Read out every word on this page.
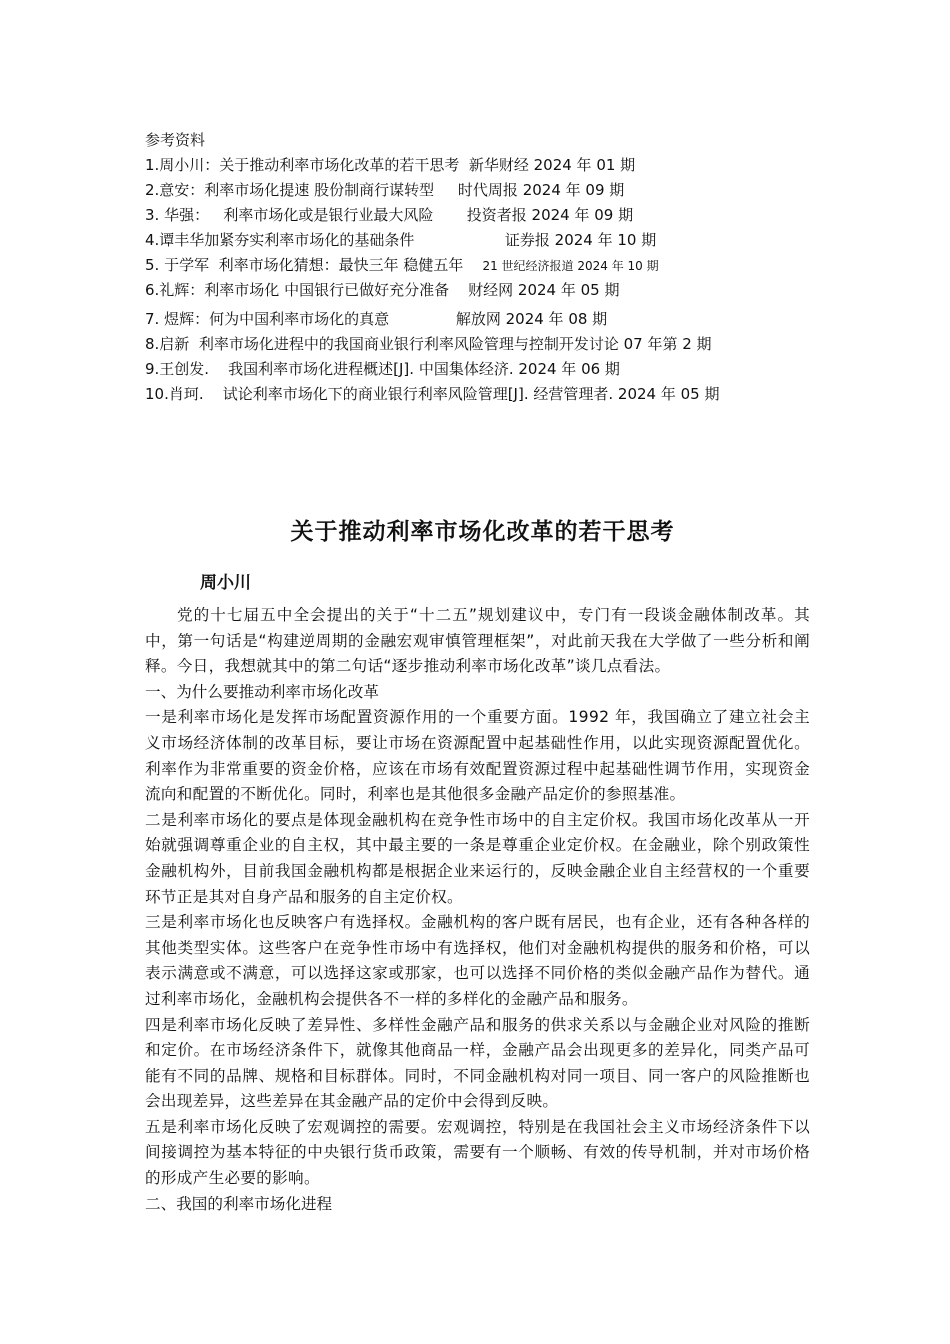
参考资料
1.周小川：关于推动利率市场化改革的若干思考  新华财经 2024 年 01 期
2.意安：利率市场化提速 股份制商行谋转型     时代周报 2024 年 09 期
3. 华强：   利率市场化或是银行业最大风险       投资者报 2024 年 09 期
4.谭丰华加紧夯实利率市场化的基础条件                   证券报 2024 年 10 期
5. 于学军  利率市场化猜想：最快三年 稳健五年    21 世纪经济报道 2024 年 10 期
6.礼辉：利率市场化 中国银行已做好充分准备    财经网 2024 年 05 期
7. 煜辉：何为中国利率市场化的真意              解放网 2024 年 08 期
8.启新  利率市场化进程中的我国商业银行利率风险管理与控制开发讨论 07 年第 2 期
9.王创发.    我国利率市场化进程概述[J]. 中国集体经济. 2024 年 06 期
10.肖珂.    试论利率市场化下的商业银行利率风险管理[J]. 经营管理者. 2024 年 05 期
关于推动利率市场化改革的若干思考
周小川

党的十七届五中全会提出的关于“十二五”规划建议中，专门有一段谈金融体制改革。其中，第一句话是“构建逆周期的金融宏观审慎管理框架”，对此前天我在大学做了一些分析和阐释。今日，我想就其中的第二句话“逐步推动利率市场化改革”谈几点看法。

一、为什么要推动利率市场化改革

一是利率市场化是发挥市场配置资源作用的一个重要方面。1992 年，我国确立了建立社会主义市场经济体制的改革目标，要让市场在资源配置中起基础性作用，以此实现资源配置优化。利率作为非常重要的资金价格，应该在市场有效配置资源过程中起基础性调节作用，实现资金流向和配置的不断优化。同时，利率也是其他很多金融产品定价的参照基准。

二是利率市场化的要点是体现金融机构在竞争性市场中的自主定价权。我国市场化改革从一开始就强调尊重企业的自主权，其中最主要的一条是尊重企业定价权。在金融业，除个别政策性金融机构外，目前我国金融机构都是根据企业来运行的，反映金融企业自主经营权的一个重要环节正是其对自身产品和服务的自主定价权。

三是利率市场化也反映客户有选择权。金融机构的客户既有居民，也有企业，还有各种各样的其他类型实体。这些客户在竞争性市场中有选择权，他们对金融机构提供的服务和价格，可以表示满意或不满意，可以选择这家或那家，也可以选择不同价格的类似金融产品作为替代。通过利率市场化，金融机构会提供各不一样的多样化的金融产品和服务。

四是利率市场化反映了差异性、多样性金融产品和服务的供求关系以与金融企业对风险的推断和定价。在市场经济条件下，就像其他商品一样，金融产品会出现更多的差异化，同类产品可能有不同的品牌、规格和目标群体。同时，不同金融机构对同一项目、同一客户的风险推断也会出现差异，这些差异在其金融产品的定价中会得到反映。

五是利率市场化反映了宏观调控的需要。宏观调控，特别是在我国社会主义市场经济条件下以间接调控为基本特征的中央银行货币政策，需要有一个顺畅、有效的传导机制，并对市场价格的形成产生必要的影响。

二、我国的利率市场化进程
